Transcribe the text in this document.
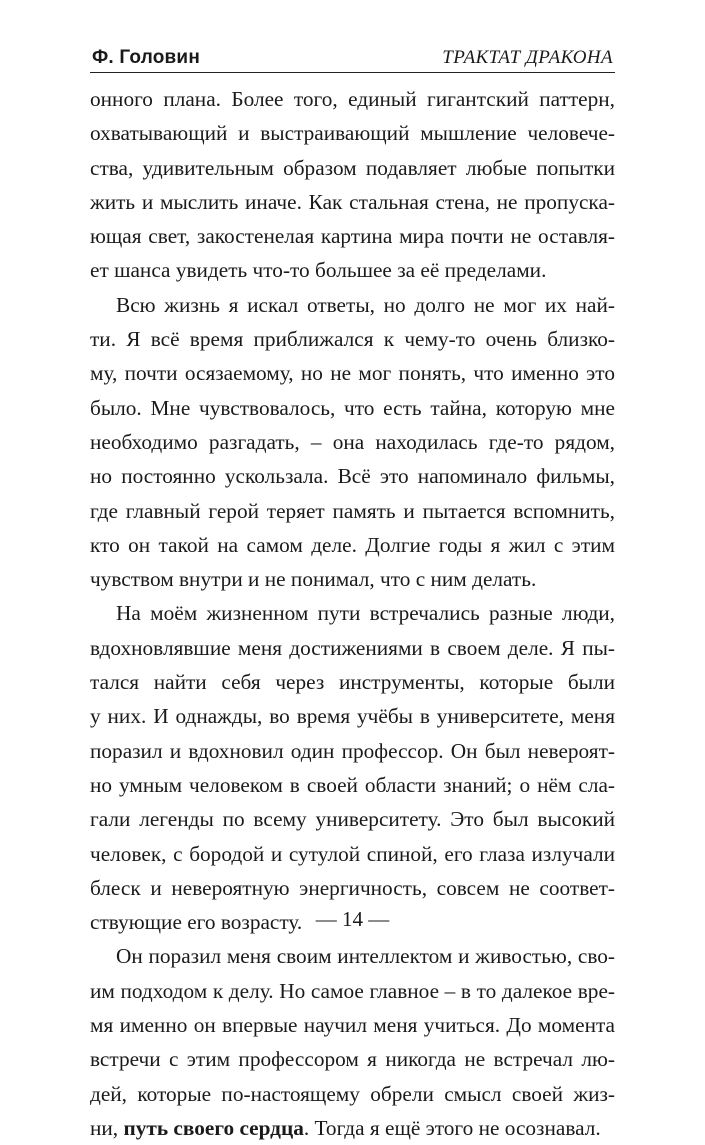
Ф. Головин	ТРАКТАТ ДРАКОНА
онного плана. Более того, единый гигантский паттерн,
охватывающий и выстраивающий мышление человече-
ства, удивительным образом подавляет любые попытки
жить и мыслить иначе. Как стальная стена, не пропуска-
ющая свет, закостенелая картина мира почти не оставля-
ет шанса увидеть что-то большее за её пределами.
Всю жизнь я искал ответы, но долго не мог их най-
ти. Я всё время приближался к чему-то очень близко-
му, почти осязаемому, но не мог понять, что именно это
было. Мне чувствовалось, что есть тайна, которую мне
необходимо разгадать, – она находилась где-то рядом,
но постоянно ускользала. Всё это напоминало фильмы,
где главный герой теряет память и пытается вспомнить,
кто он такой на самом деле. Долгие годы я жил с этим
чувством внутри и не понимал, что с ним делать.
На моём жизненном пути встречались разные люди,
вдохновлявшие меня достижениями в своем деле. Я пы-
тался найти себя через инструменты, которые были
у них. И однажды, во время учёбы в университете, меня
поразил и вдохновил один профессор. Он был невероят-
но умным человеком в своей области знаний; о нём сла-
гали легенды по всему университету. Это был высокий
человек, с бородой и сутулой спиной, его глаза излучали
блеск и невероятную энергичность, совсем не соответ-
ствующие его возрасту.
Он поразил меня своим интеллектом и живостью, сво-
им подходом к делу. Но самое главное – в то далекое вре-
мя именно он впервые научил меня учиться. До момента
встречи с этим профессором я никогда не встречал лю-
дей, которые по-настоящему обрели смысл своей жиз-
ни, путь своего сердца. Тогда я ещё этого не осознавал.
— 14 —
